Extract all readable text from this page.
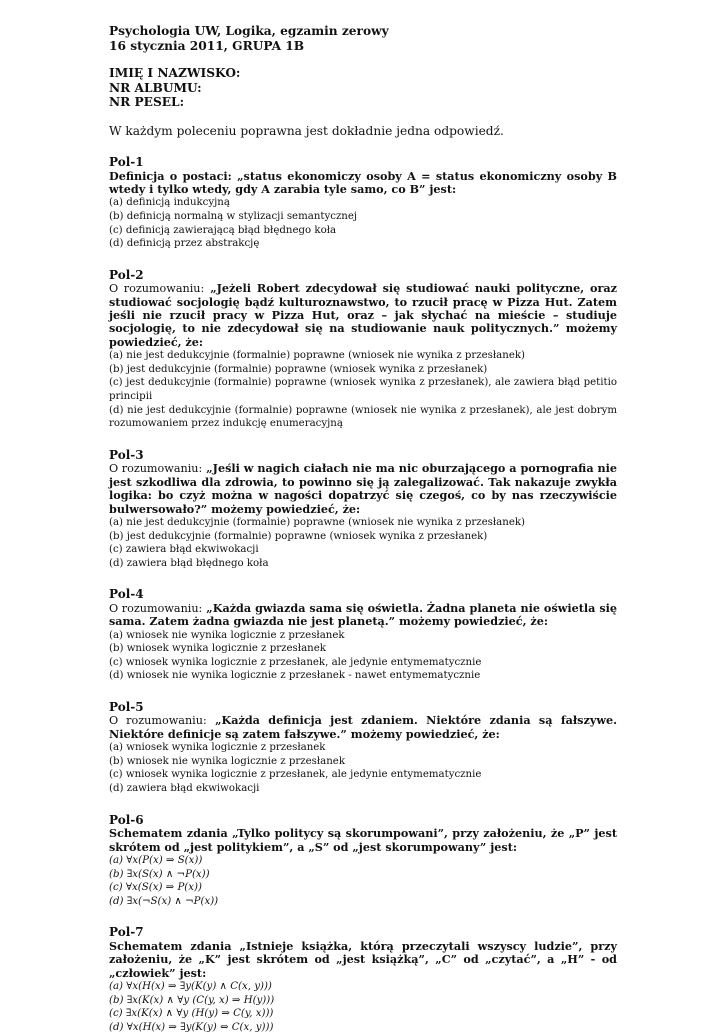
Psychologia UW, Logika, egzamin zerowy
16 stycznia 2011, GRUPA 1B
IMIĘ I NAZWISKO:
NR ALBUMU:
NR PESEL:
W każdym poleceniu poprawna jest dokładnie jedna odpowiedź.
Pol-1
Definicja o postaci: „status ekonomiczy osoby A = status ekonomiczny osoby B wtedy i tylko wtedy, gdy A zarabia tyle samo, co B” jest:
(a) definicją indukcyjną
(b) definicją normalną w stylizacji semantycznej
(c) definicją zawierającą błąd błędnego koła
(d) definicją przez abstrakcję
Pol-2
O rozumowaniu: „Jeżeli Robert zdecydował się studiować nauki polityczne, oraz studiować socjologię bądź kulturoznawstwo, to rzucił pracę w Pizza Hut. Zatem jeśli nie rzucił pracy w Pizza Hut, oraz – jak słychać na mieście – studiuje socjologię, to nie zdecydował się na studiowanie nauk politycznych.” możemy powiedzieć, że:
(a) nie jest dedukcyjnie (formalnie) poprawne (wniosek nie wynika z przesłanek)
(b) jest dedukcyjnie (formalnie) poprawne (wniosek wynika z przesłanek)
(c) jest dedukcyjnie (formalnie) poprawne (wniosek wynika z przesłanek), ale zawiera błąd petitio principii
(d) nie jest dedukcyjnie (formalnie) poprawne (wniosek nie wynika z przesłanek), ale jest dobrym rozumowaniem przez indukcję enumeracyjną
Pol-3
O rozumowaniu: „Jeśli w nagich ciałach nie ma nic oburzającego a pornografia nie jest szkodliwa dla zdrowia, to powinno się ją zalegalizować. Tak nakazuje zwykła logika: bo czyż można w nagości dopatrzyć się czegoś, co by nas rzeczywiście bulwersowało?” możemy powiedzieć, że:
(a) nie jest dedukcyjnie (formalnie) poprawne (wniosek nie wynika z przesłanek)
(b) jest dedukcyjnie (formalnie) poprawne (wniosek wynika z przesłanek)
(c) zawiera błąd ekwiwokacji
(d) zawiera błąd błędnego koła
Pol-4
O rozumowaniu: „Każda gwiazda sama się oświetla. Żadna planeta nie oświetla się sama. Zatem żadna gwiazda nie jest planetą.” możemy powiedzieć, że:
(a) wniosek nie wynika logicznie z przesłanek
(b) wniosek wynika logicznie z przesłanek
(c) wniosek wynika logicznie z przesłanek, ale jedynie entymematycznie
(d) wniosek nie wynika logicznie z przesłanek - nawet entymematycznie
Pol-5
O rozumowaniu: „Każda definicja jest zdaniem. Niektóre zdania są fałszywe. Niektóre definicje są zatem fałszywe.” możemy powiedzieć, że:
(a) wniosek wynika logicznie z przesłanek
(b) wniosek nie wynika logicznie z przesłanek
(c) wniosek wynika logicznie z przesłanek, ale jedynie entymematycznie
(d) zawiera błąd ekwiwokacji
Pol-6
Schematem zdania „Tylko politycy są skorumpowani”, przy założeniu, że „P” jest skrótem od „jest politykiem”, a „S” od „jest skorumpowany” jest:
(a) ∀x(P(x) ⇒ S(x))
(b) ∃x(S(x) ∧ ¬P(x))
(c) ∀x(S(x) ⇒ P(x))
(d) ∃x(¬S(x) ∧ ¬P(x))
Pol-7
Schematem zdania „Istnieje książka, którą przeczytali wszyscy ludzie”, przy założeniu, że „K” jest skrótem od „jest książką”, „C” od „czytać”, a „H” - od „człowiek” jest:
(a) ∀x(H(x) ⇒ ∃y(K(y) ∧ C(x, y)))
(b) ∃x(K(x) ∧ ∀y (C(y, x) ⇒ H(y)))
(c) ∃x(K(x) ∧ ∀y (H(y) ⇒ C(y, x)))
(d) ∀x(H(x) ⇒ ∃y(K(y) ⇔ C(x, y)))
